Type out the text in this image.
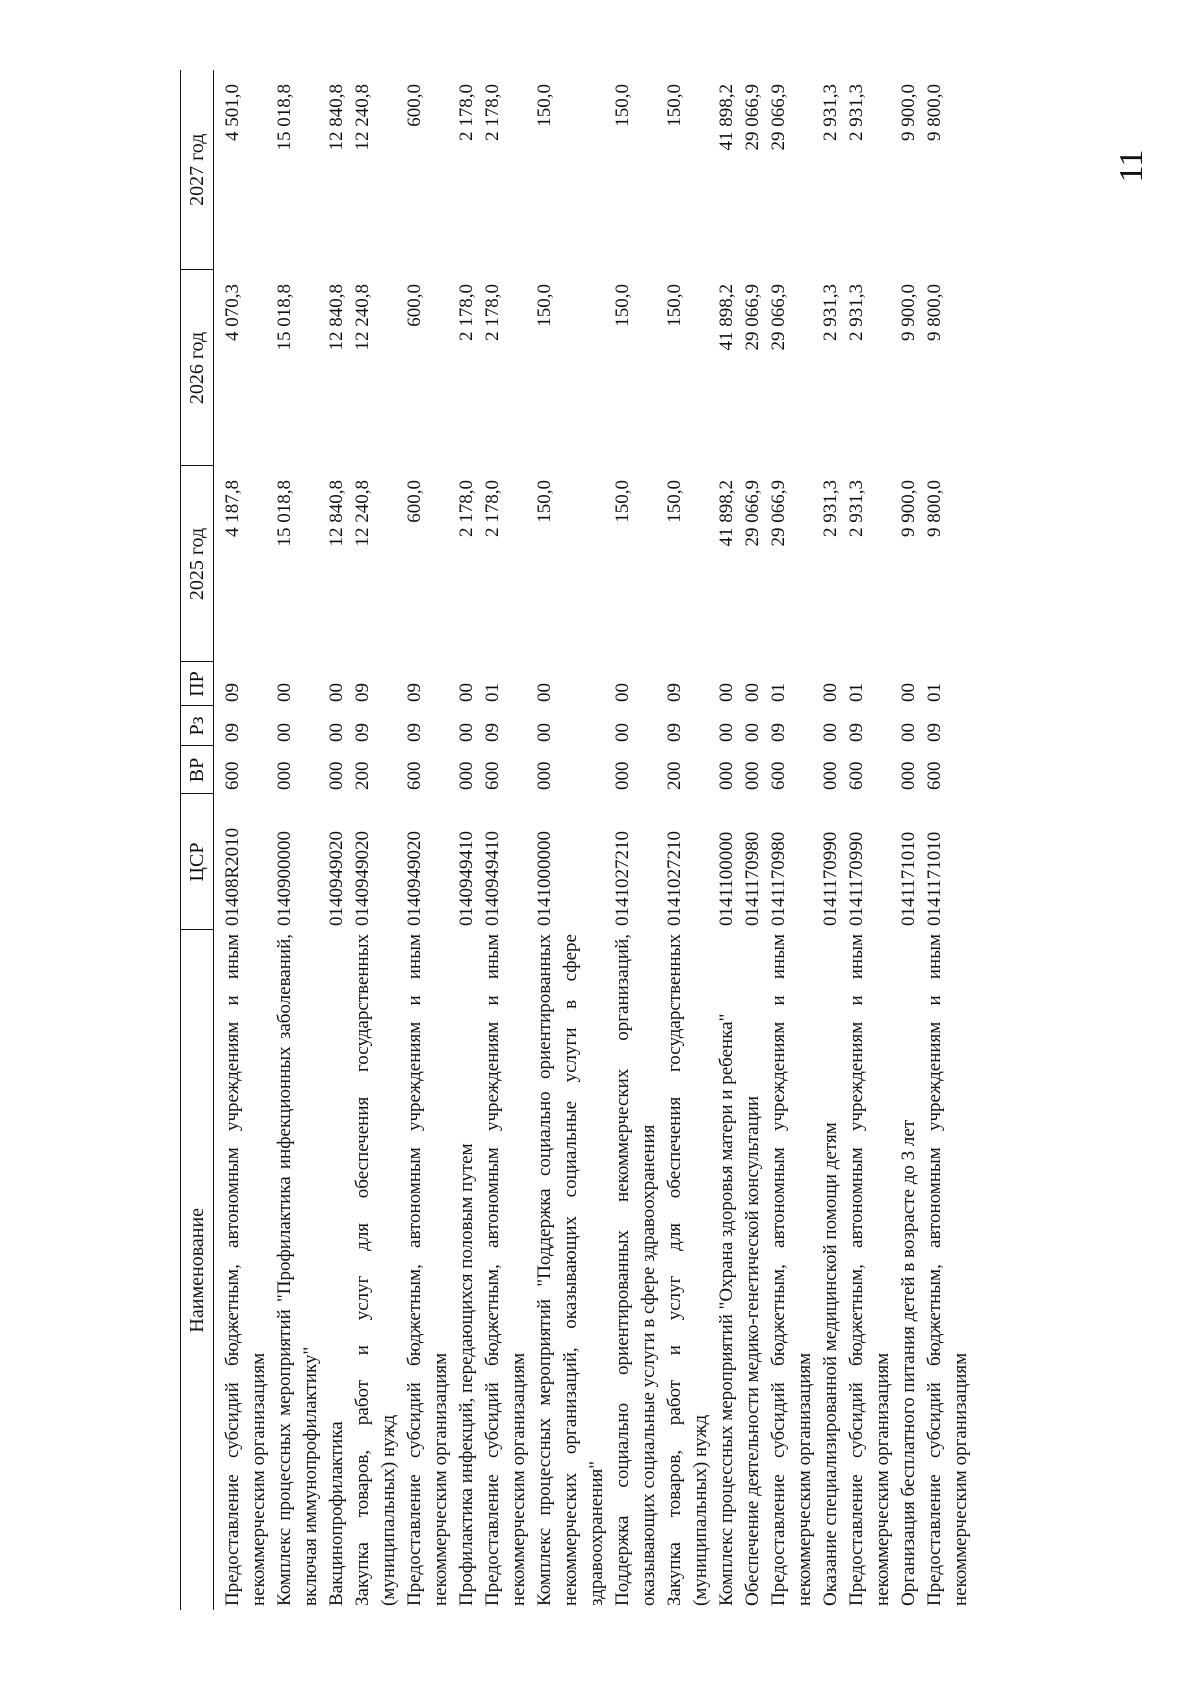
11
Наименование	ЦСР	ВР	Рз	ПР	2025 год	2026 год	2027 год
Предоставление субсидий бюджетным, автономным учреждениям и иным некоммерческим организациям	01408R2010	600	09	09	4 187,8	4 070,3	4 501,0
Комплекс процессных мероприятий "Профилактика инфекционных заболеваний, включая иммунопрофилактику"	0140900000	000	00	00	15 018,8	15 018,8	15 018,8
Вакцинопрофилактика	0140949020	000	00	00	12 840,8	12 840,8	12 840,8
Закупка товаров, работ и услуг для обеспечения государственных (муниципальных) нужд	0140949020	200	09	09	12 240,8	12 240,8	12 240,8
Предоставление субсидий бюджетным, автономным учреждениям и иным некоммерческим организациям	0140949020	600	09	09	600,0	600,0	600,0
Профилактика инфекций, передающихся половым путем	0140949410	000	00	00	2 178,0	2 178,0	2 178,0
Предоставление субсидий бюджетным, автономным учреждениям и иным некоммерческим организациям	0140949410	600	09	01	2 178,0	2 178,0	2 178,0
Комплекс процессных мероприятий "Поддержка социально ориентированных некоммерческих организаций, оказывающих социальные услуги в сфере здравоохранения"	0141000000	000	00	00	150,0	150,0	150,0
Поддержка социально ориентированных некоммерческих организаций, оказывающих социальные услуги в сфере здравоохранения	0141027210	000	00	00	150,0	150,0	150,0
Закупка товаров, работ и услуг для обеспечения государственных (муниципальных) нужд	0141027210	200	09	09	150,0	150,0	150,0
Комплекс процессных мероприятий "Охрана здоровья матери и ребенка"	0141100000	000	00	00	41 898,2	41 898,2	41 898,2
Обеспечение деятельности медико-генетической консультации	0141170980	000	00	00	29 066,9	29 066,9	29 066,9
Предоставление субсидий бюджетным, автономным учреждениям и иным некоммерческим организациям	0141170980	600	09	01	29 066,9	29 066,9	29 066,9
Оказание специализированной медицинской помощи детям	0141170990	000	00	00	2 931,3	2 931,3	2 931,3
Предоставление субсидий бюджетным, автономным учреждениям и иным некоммерческим организациям	0141170990	600	09	01	2 931,3	2 931,3	2 931,3
Организация бесплатного питания детей в возрасте до 3 лет	0141171010	000	00	00	9 900,0	9 900,0	9 900,0
Предоставление субсидий бюджетным, автономным учреждениям и иным некоммерческим организациям	0141171010	600	09	01	9 800,0	9 800,0	9 800,0
